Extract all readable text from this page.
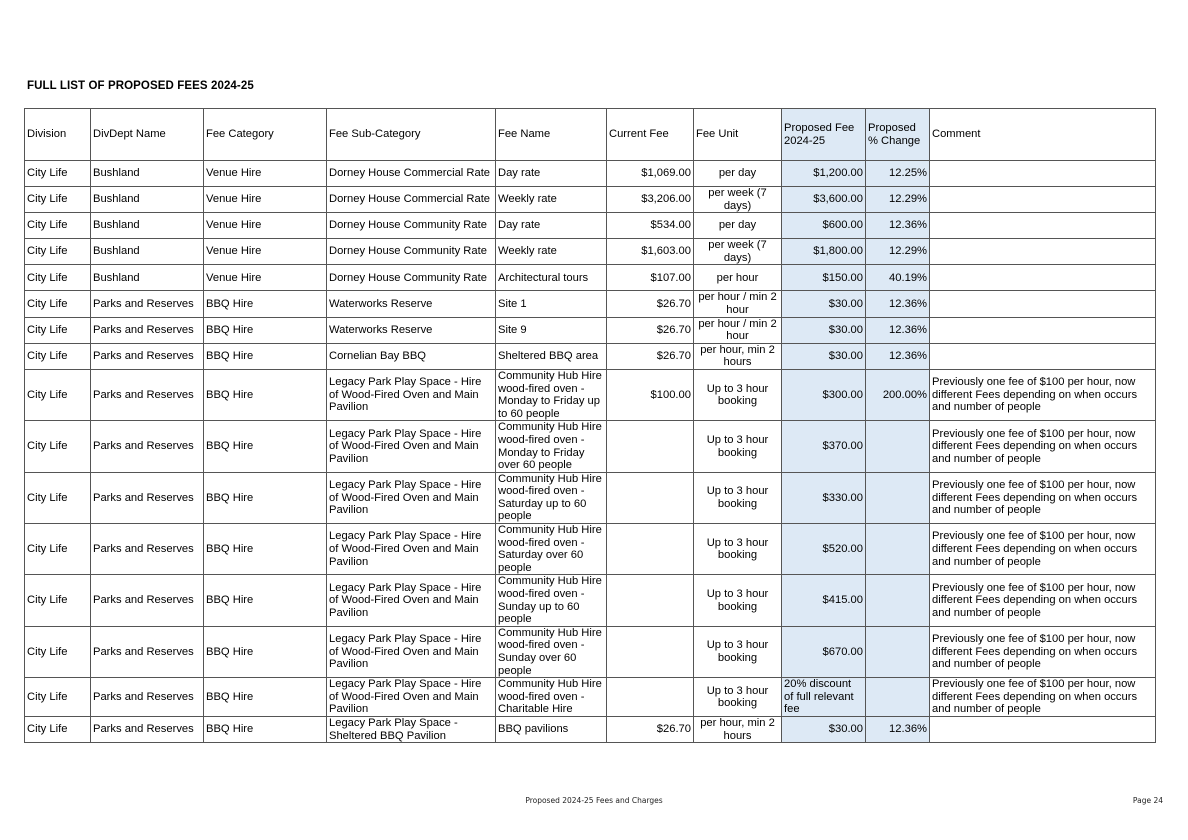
FULL LIST OF PROPOSED FEES 2024-25
Division	DivDept Name	Fee Category	Fee Sub-Category	Fee Name	Current Fee	Fee Unit	Proposed Fee 2024-25	Proposed % Change	Comment
City Life	Bushland	Venue Hire	Dorney House Commercial Rate	Day rate	$1,069.00	per day	$1,200.00	12.25%	
City Life	Bushland	Venue Hire	Dorney House Commercial Rate	Weekly rate	$3,206.00	per week (7 days)	$3,600.00	12.29%	
City Life	Bushland	Venue Hire	Dorney House Community Rate	Day rate	$534.00	per day	$600.00	12.36%	
City Life	Bushland	Venue Hire	Dorney House Community Rate	Weekly rate	$1,603.00	per week (7 days)	$1,800.00	12.29%	
City Life	Bushland	Venue Hire	Dorney House Community Rate	Architectural tours	$107.00	per hour	$150.00	40.19%	
City Life	Parks and Reserves	BBQ Hire	Waterworks Reserve	Site 1	$26.70	per hour / min 2 hour	$30.00	12.36%	
City Life	Parks and Reserves	BBQ Hire	Waterworks Reserve	Site 9	$26.70	per hour / min 2 hour	$30.00	12.36%	
City Life	Parks and Reserves	BBQ Hire	Cornelian Bay BBQ	Sheltered BBQ area	$26.70	per hour, min 2 hours	$30.00	12.36%	
City Life	Parks and Reserves	BBQ Hire	Legacy Park Play Space - Hire of Wood-Fired Oven and Main Pavilion	Community Hub Hire wood-fired oven - Monday to Friday up to 60 people	$100.00	Up to 3 hour booking	$300.00	200.00%	Previously one fee of $100 per hour, now different Fees depending on when occurs and number of people
City Life	Parks and Reserves	BBQ Hire	Legacy Park Play Space - Hire of Wood-Fired Oven and Main Pavilion	Community Hub Hire wood-fired oven - Monday to Friday over 60 people		Up to 3 hour booking	$370.00		Previously one fee of $100 per hour, now different Fees depending on when occurs and number of people
City Life	Parks and Reserves	BBQ Hire	Legacy Park Play Space - Hire of Wood-Fired Oven and Main Pavilion	Community Hub Hire wood-fired oven - Saturday up to 60 people		Up to 3 hour booking	$330.00		Previously one fee of $100 per hour, now different Fees depending on when occurs and number of people
City Life	Parks and Reserves	BBQ Hire	Legacy Park Play Space - Hire of Wood-Fired Oven and Main Pavilion	Community Hub Hire wood-fired oven - Saturday over 60 people		Up to 3 hour booking	$520.00		Previously one fee of $100 per hour, now different Fees depending on when occurs and number of people
City Life	Parks and Reserves	BBQ Hire	Legacy Park Play Space - Hire of Wood-Fired Oven and Main Pavilion	Community Hub Hire wood-fired oven - Sunday up to 60 people		Up to 3 hour booking	$415.00		Previously one fee of $100 per hour, now different Fees depending on when occurs and number of people
City Life	Parks and Reserves	BBQ Hire	Legacy Park Play Space - Hire of Wood-Fired Oven and Main Pavilion	Community Hub Hire wood-fired oven - Sunday over 60 people		Up to 3 hour booking	$670.00		Previously one fee of $100 per hour, now different Fees depending on when occurs and number of people
City Life	Parks and Reserves	BBQ Hire	Legacy Park Play Space - Hire of Wood-Fired Oven and Main Pavilion	Community Hub Hire wood-fired oven - Charitable Hire		Up to 3 hour booking	20% discount of full relevant fee		Previously one fee of $100 per hour, now different Fees depending on when occurs and number of people
City Life	Parks and Reserves	BBQ Hire	Legacy Park Play Space - Sheltered BBQ Pavilion	BBQ pavilions	$26.70	per hour, min 2 hours	$30.00	12.36%	
Proposed 2024-25 Fees and Charges	Page 24
